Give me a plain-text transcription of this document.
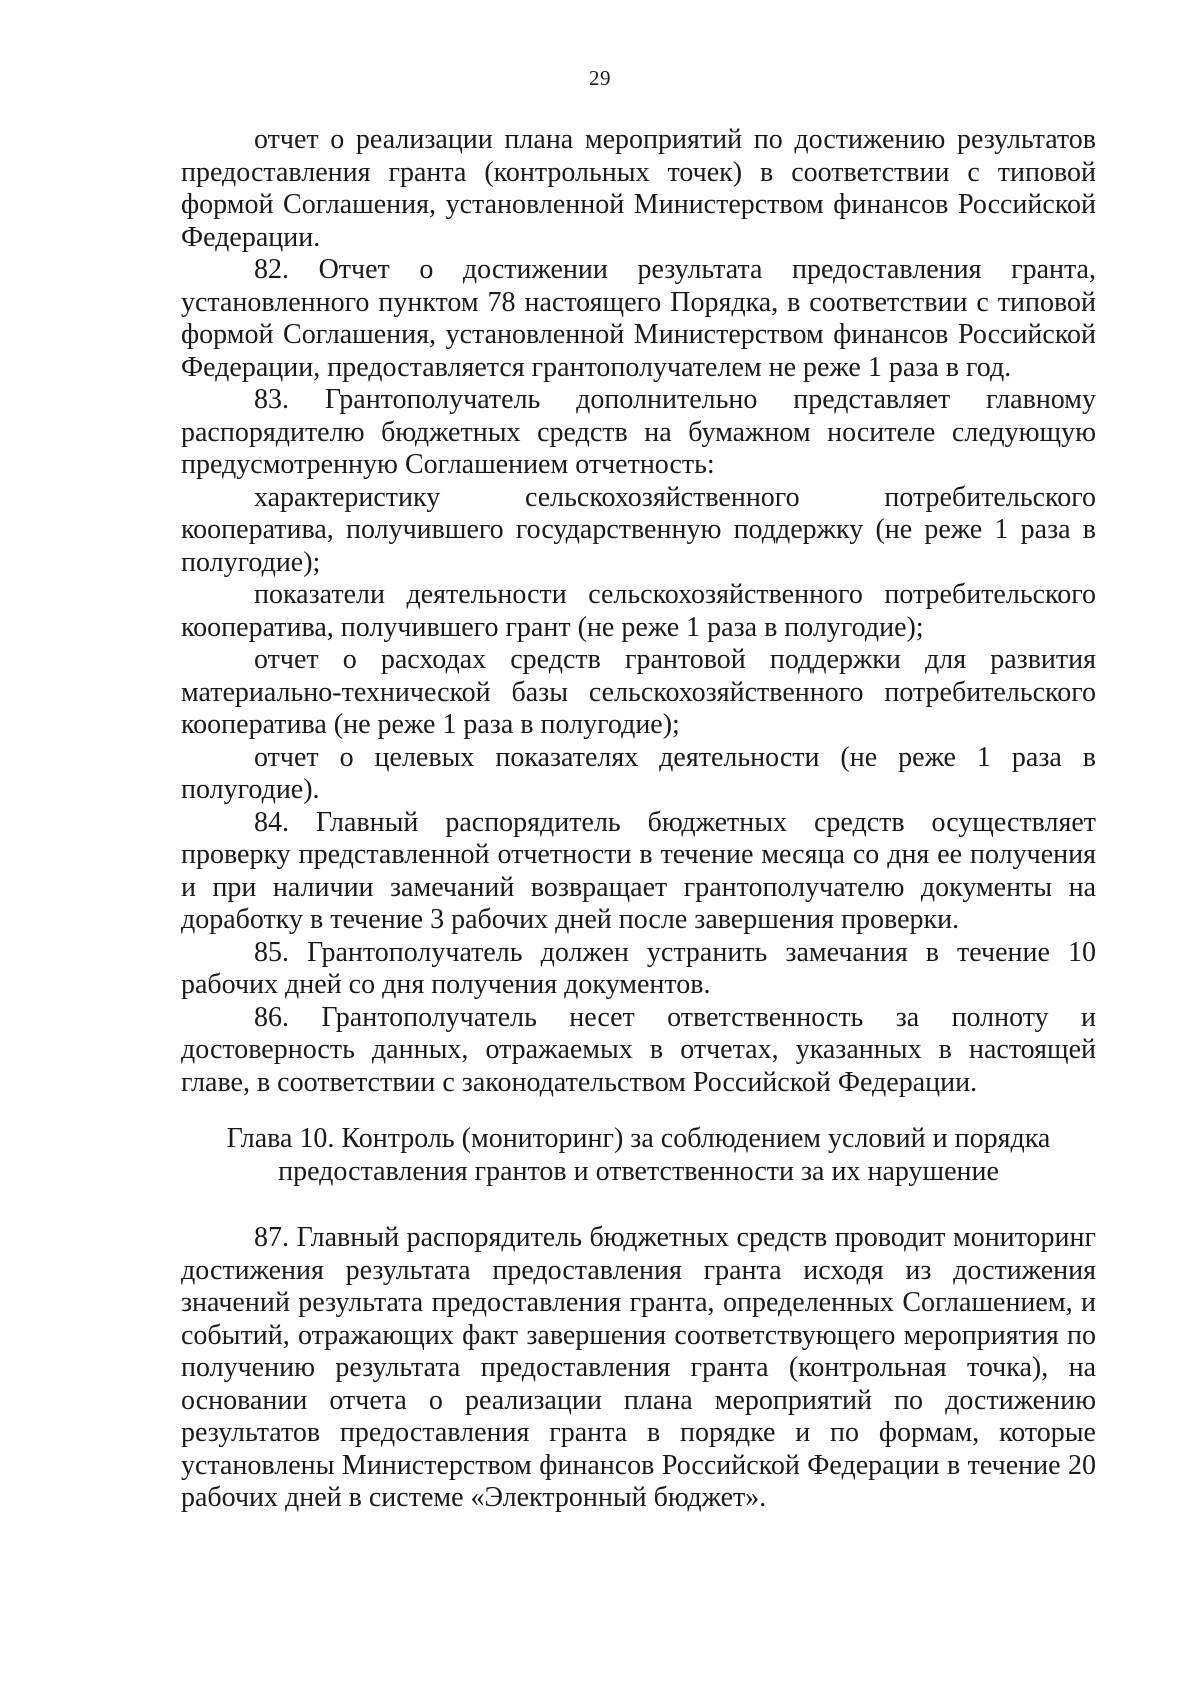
29

отчет о реализации плана мероприятий по достижению результатов предоставления гранта (контрольных точек) в соответствии с типовой формой Соглашения, установленной Министерством финансов Российской Федерации.

82. Отчет о достижении результата предоставления гранта, установленного пунктом 78 настоящего Порядка, в соответствии с типовой формой Соглашения, установленной Министерством финансов Российской Федерации, предоставляется грантополучателем не реже 1 раза в год.

83. Грантополучатель дополнительно представляет главному распорядителю бюджетных средств на бумажном носителе следующую предусмотренную Соглашением отчетность:

характеристику сельскохозяйственного потребительского кооператива, получившего государственную поддержку (не реже 1 раза в полугодие);

показатели деятельности сельскохозяйственного потребительского кооператива, получившего грант (не реже 1 раза в полугодие);

отчет о расходах средств грантовой поддержки для развития материально-технической базы сельскохозяйственного потребительского кооператива (не реже 1 раза в полугодие);

отчет о целевых показателях деятельности (не реже 1 раза в полугодие).

84. Главный распорядитель бюджетных средств осуществляет проверку представленной отчетности в течение месяца со дня ее получения и при наличии замечаний возвращает грантополучателю документы на доработку в течение 3 рабочих дней после завершения проверки.

85. Грантополучатель должен устранить замечания в течение 10 рабочих дней со дня получения документов.

86. Грантополучатель несет ответственность за полноту и достоверность данных, отражаемых в отчетах, указанных в настоящей главе, в соответствии с законодательством Российской Федерации.

Глава 10. Контроль (мониторинг) за соблюдением условий и порядка
предоставления грантов и ответственности за их нарушение

87. Главный распорядитель бюджетных средств проводит мониторинг достижения результата предоставления гранта исходя из достижения значений результата предоставления гранта, определенных Соглашением, и событий, отражающих факт завершения соответствующего мероприятия по получению результата предоставления гранта (контрольная точка), на основании отчета о реализации плана мероприятий по достижению результатов предоставления гранта в порядке и по формам, которые установлены Министерством финансов Российской Федерации в течение 20 рабочих дней в системе «Электронный бюджет».
